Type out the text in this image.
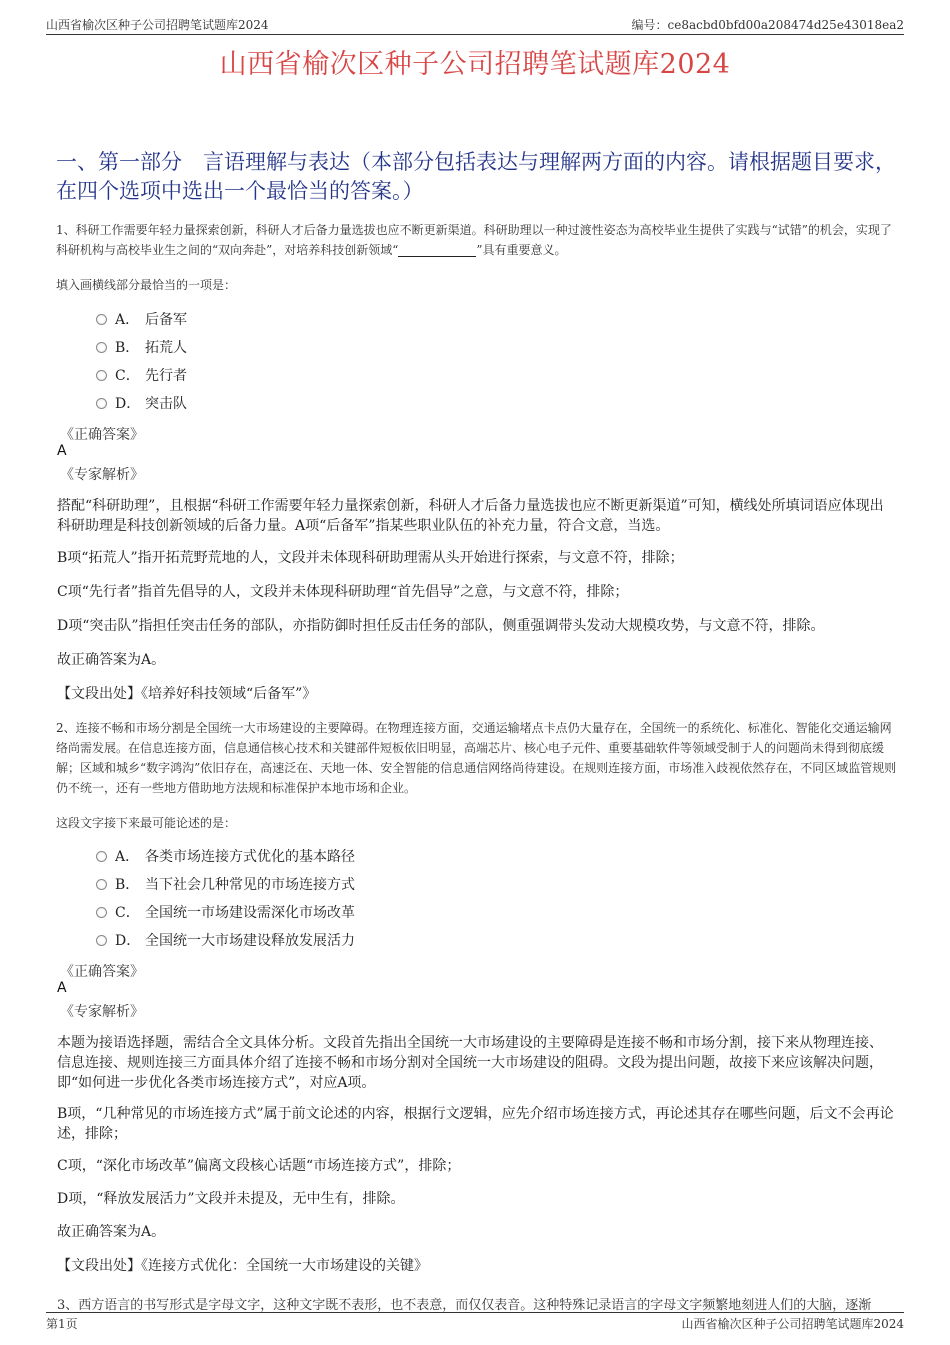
山西省榆次区种子公司招聘笔试题库2024	编号：ce8acbd0bfd00a208474d25e43018ea2
山西省榆次区种子公司招聘笔试题库2024
一、第一部分　言语理解与表达（本部分包括表达与理解两方面的内容。请根据题目要求，在四个选项中选出一个最恰当的答案。）
1、科研工作需要年轻力量探索创新，科研人才后备力量选拔也应不断更新渠道。科研助理以一种过渡性姿态为高校毕业生提供了实践与“试错”的机会，实现了科研机构与高校毕业生之间的“双向奔赴”，对培养科技创新领域“	”具有重要意义。
填入画横线部分最恰当的一项是：
A． 后备军
B． 拓荒人
C． 先行者
D． 突击队
《正确答案》
A
《专家解析》
搭配“科研助理”，且根据“科研工作需要年轻力量探索创新，科研人才后备力量选拔也应不断更新渠道”可知，横线处所填词语应体现出科研助理是科技创新领域的后备力量。A项“后备军”指某些职业队伍的补充力量，符合文意，当选。
B项“拓荒人”指开拓荒野荒地的人，文段并未体现科研助理需从头开始进行探索，与文意不符，排除；
C项“先行者”指首先倡导的人，文段并未体现科研助理“首先倡导”之意，与文意不符，排除；
D项“突击队”指担任突击任务的部队，亦指防御时担任反击任务的部队，侧重强调带头发动大规模攻势，与文意不符，排除。
故正确答案为A。
【文段出处】《培养好科技领域“后备军”》
2、连接不畅和市场分割是全国统一大市场建设的主要障碍。在物理连接方面，交通运输堵点卡点仍大量存在，全国统一的系统化、标准化、智能化交通运输网络尚需发展。在信息连接方面，信息通信核心技术和关键部件短板依旧明显，高端芯片、核心电子元件、重要基础软件等领域受制于人的问题尚未得到彻底缓解；区域和城乡“数字鸿沟”依旧存在，高速泛在、天地一体、安全智能的信息通信网络尚待建设。在规则连接方面，市场准入歧视依然存在，不同区域监管规则仍不统一，还有一些地方借助地方法规和标准保护本地市场和企业。
这段文字接下来最可能论述的是：
A． 各类市场连接方式优化的基本路径
B． 当下社会几种常见的市场连接方式
C． 全国统一市场建设需深化市场改革
D． 全国统一大市场建设释放发展活力
《正确答案》
A
《专家解析》
本题为接语选择题，需结合全文具体分析。文段首先指出全国统一大市场建设的主要障碍是连接不畅和市场分割，接下来从物理连接、信息连接、规则连接三方面具体介绍了连接不畅和市场分割对全国统一大市场建设的阻碍。文段为提出问题，故接下来应该解决问题，即“如何进一步优化各类市场连接方式”，对应A项。
B项，“几种常见的市场连接方式”属于前文论述的内容，根据行文逻辑，应先介绍市场连接方式，再论述其存在哪些问题，后文不会再论述，排除；
C项，“深化市场改革”偏离文段核心话题“市场连接方式”，排除；
D项，“释放发展活力”文段并未提及，无中生有，排除。
故正确答案为A。
【文段出处】《连接方式优化：全国统一大市场建设的关键》
3、西方语言的书写形式是字母文字，这种文字既不表形，也不表意，而仅仅表音。这种特殊记录语言的字母文字频繁地刻进人们的大脑，逐渐
第1页	山西省榆次区种子公司招聘笔试题库2024
